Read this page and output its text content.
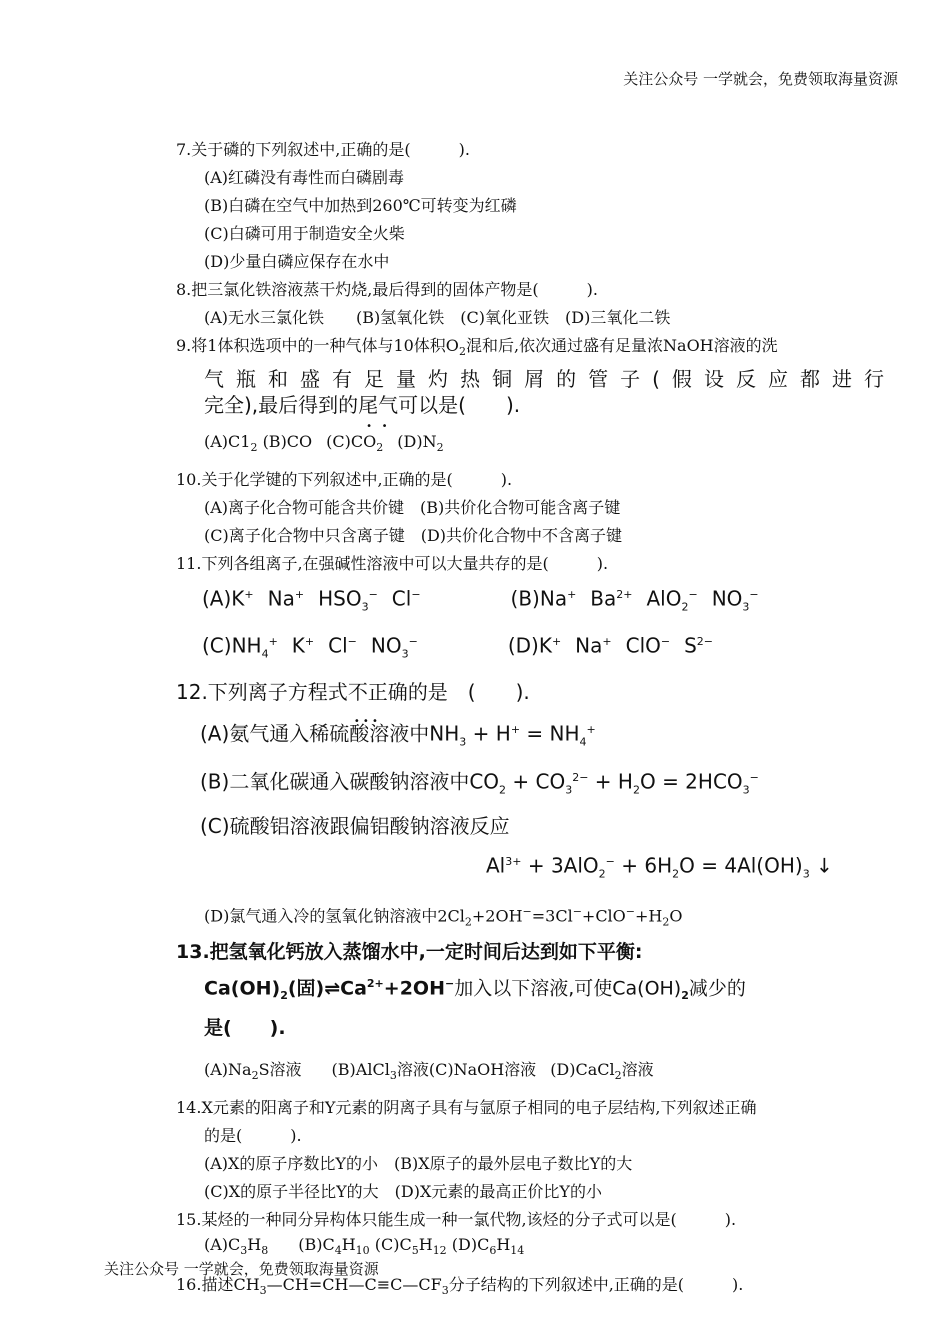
关注公众号 一学就会，免费领取海量资源

7.关于磷的下列叙述中,正确的是(　　　).

(A)红磷没有毒性而白磷剧毒

(B)白磷在空气中加热到260℃可转变为红磷

(C)白磷可用于制造安全火柴

(D)少量白磷应保存在水中

8.把三氯化铁溶液蒸干灼烧,最后得到的固体产物是(　　　).

(A)无水三氯化铁　　(B)氢氧化铁　(C)氧化亚铁　(D)三氧化二铁

9.将1体积选项中的一种气体与10体积$O_2$混和后,依次通过盛有足量浓NaOH溶液的洗

气瓶和盛有足量灼热铜屑的管子(假设反应都进行

完全),最后得到的尾气 •   •可以是(　　).

$(A)C1_2$ (B)CO $(C)CO_2$ $(D)N_2$

10.关于化学键的下列叙述中,正确的是(　　　).

(A)离子化合物可能含共价键　(B)共价化合物可能含离子键

(C)离子化合物中只含离子键　(D)共价化合物中不含离子键

11.下列各组离子,在强碱性溶液中可以大量共存的是(　　　).

(A)K+ Na+ $HSO_3^-$ Cl−	(B)Na+ $Ba^{2+}$ AlO$_2$− $NO_3^-$

$(C)NH_4^+$ K+ Cl− $NO_3^-$	(D)K+ Na+ ClO− $S^{2-}$

12.下列离子方程式不正确 • • •的是　(　　).

(A)氨气通入稀硫酸溶液中$NH_3 + H^+ = NH_4^+$

(B)二氧化碳通入碳酸钠溶液中$CO_2 + CO_3^{2-} + H_2O = 2HCO_3^-$

(C)硫酸铝溶液跟偏铝酸钠溶液反应

$Al^{3+} + 3AlO_2^- + 6H_2O = 4Al(OH)_3$ ↓

(D)氯气通入冷的氢氧化钠溶液中$2Cl_2+2OH^-=3Cl^-+ClO^-+H_2O$

13.把氢氧化钙放入蒸馏水中,一定时间后达到如下平衡:

$Ca(OH)_2$(固)$\rightleftharpoons Ca^{2+}+2OH^-$加入以下溶液,可使$Ca(OH)_2$减少的

是(　　).

$(A)Na_2S$溶液 (B)AlCl$_3$溶液(C)NaOH溶液 (D)CaCl$_2$溶液

14.X元素的阳离子和Y元素的阴离子具有与氩原子相同的电子层结构,下列叙述正确

的是(　　　).

(A)X的原子序数比Y的小　(B)X原子的最外层电子数比Y的大

(C)X的原子半径比Y的大　(D)X元素的最高正价比Y的小

15.某烃的一种同分异构体只能生成一种一氯代物,该烃的分子式可以是(　　　).

$(A)C_3H_8$ $(B)C_4H_{10}$ $(C)C_5H_{12}$ $(D)C_6H_{14}$

16.描述$CH_3—CH=CH—C\equiv C—CF_3$分子结构的下列叙述中,正确的是(　　　).

关注公众号 一学就会，免费领取海量资源
